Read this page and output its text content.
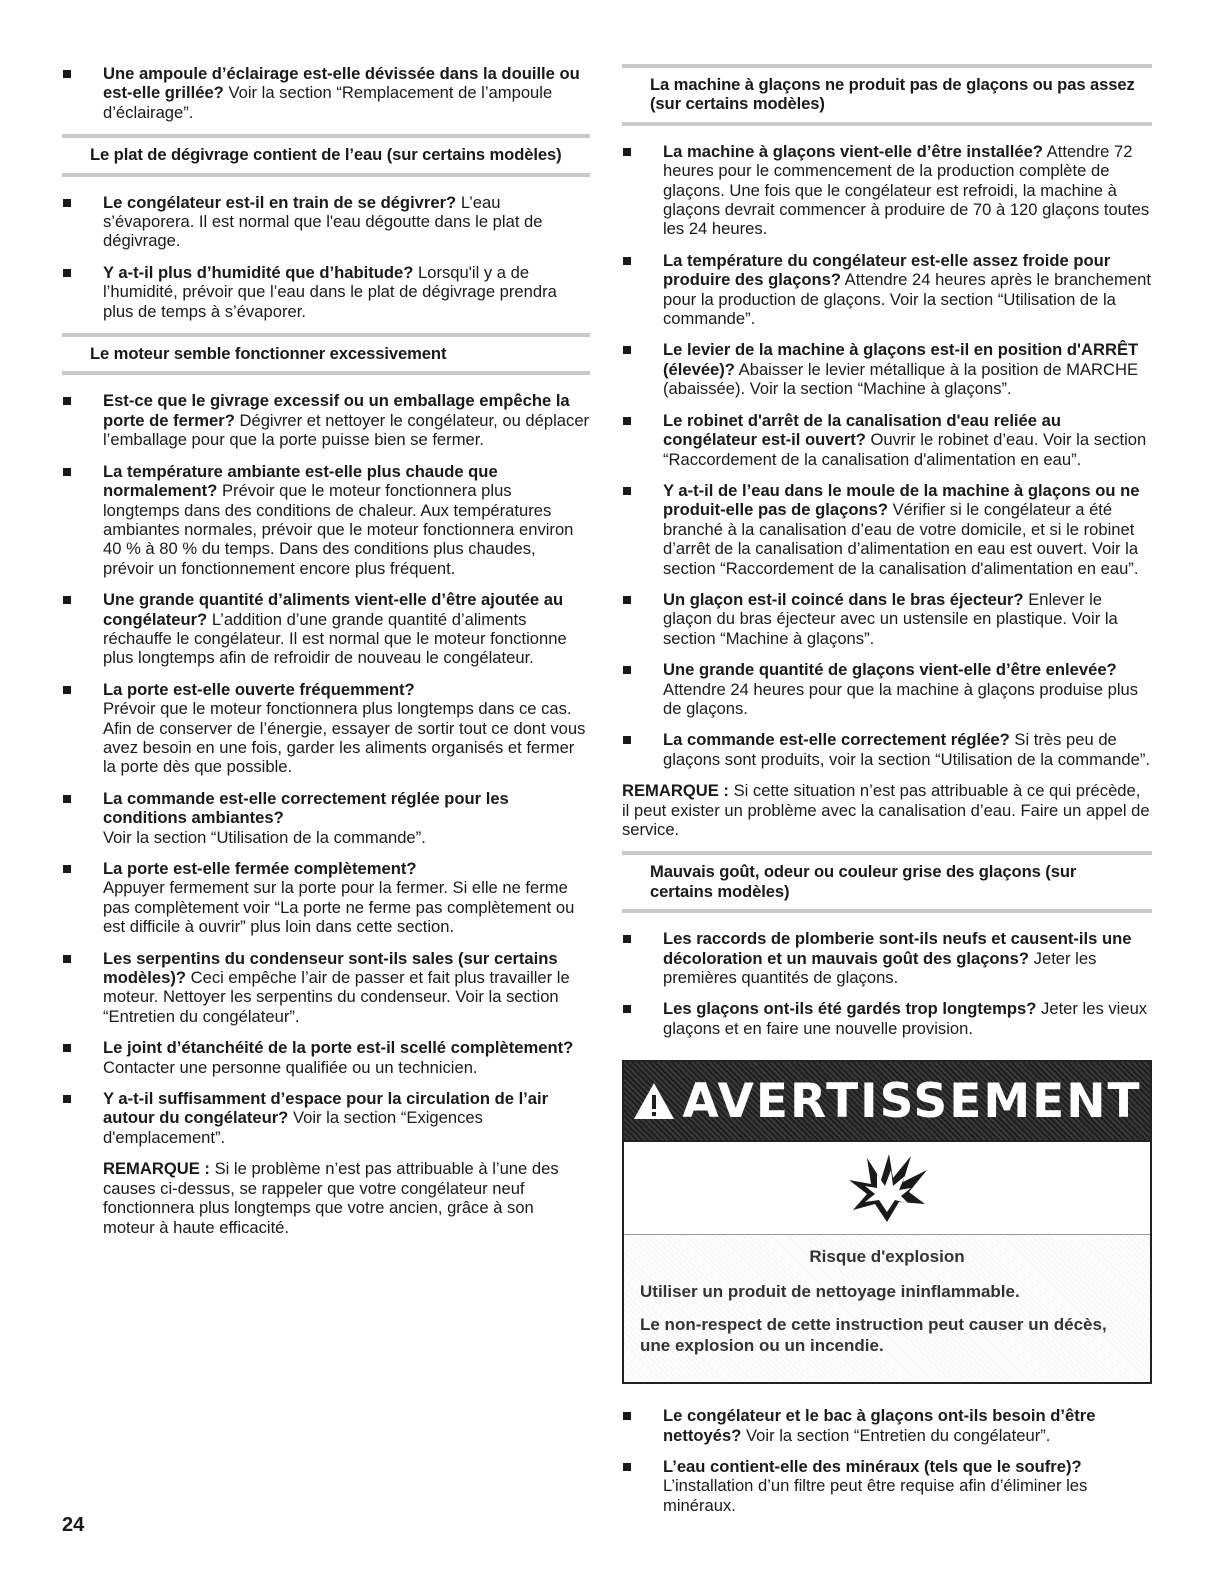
Une ampoule d’éclairage est-elle dévissée dans la douille ou est-elle grillée? Voir la section “Remplacement de l’ampoule d’éclairage”.
Le plat de dégivrage contient de l’eau (sur certains modèles)
Le congélateur est-il en train de se dégivrer? L’eau s’évaporera. Il est normal que l'eau dégoutte dans le plat de dégivrage.
Y a-t-il plus d’humidité que d’habitude? Lorsqu'il y a de l’humidité, prévoir que l’eau dans le plat de dégivrage prendra plus de temps à s’évaporer.
Le moteur semble fonctionner excessivement
Est-ce que le givrage excessif ou un emballage empêche la porte de fermer? Dégivrer et nettoyer le congélateur, ou déplacer l’emballage pour que la porte puisse bien se fermer.
La température ambiante est-elle plus chaude que normalement? Prévoir que le moteur fonctionnera plus longtemps dans des conditions de chaleur. Aux températures ambiantes normales, prévoir que le moteur fonctionnera environ 40 % à 80 % du temps. Dans des conditions plus chaudes, prévoir un fonctionnement encore plus fréquent.
Une grande quantité d’aliments vient-elle d’être ajoutée au congélateur? L’addition d’une grande quantité d’aliments réchauffe le congélateur. Il est normal que le moteur fonctionne plus longtemps afin de refroidir de nouveau le congélateur.
La porte est-elle ouverte fréquemment?
Prévoir que le moteur fonctionnera plus longtemps dans ce cas. Afin de conserver de l’énergie, essayer de sortir tout ce dont vous avez besoin en une fois, garder les aliments organisés et fermer la porte dès que possible.
La commande est-elle correctement réglée pour les conditions ambiantes?
Voir la section “Utilisation de la commande”.
La porte est-elle fermée complètement?
Appuyer fermement sur la porte pour la fermer. Si elle ne ferme pas complètement voir “La porte ne ferme pas complètement ou est difficile à ouvrir” plus loin dans cette section.
Les serpentins du condenseur sont-ils sales (sur certains modèles)? Ceci empêche l’air de passer et fait plus travailler le moteur. Nettoyer les serpentins du condenseur. Voir la section “Entretien du congélateur”.
Le joint d’étanchéité de la porte est-il scellé complètement? Contacter une personne qualifiée ou un technicien.
Y a-t-il suffisamment d’espace pour la circulation de l’air autour du congélateur? Voir la section “Exigences d'emplacement”.

REMARQUE : Si le problème n’est pas attribuable à l’une des causes ci-dessus, se rappeler que votre congélateur neuf fonctionnera plus longtemps que votre ancien, grâce à son moteur à haute efficacité.

La machine à glaçons ne produit pas de glaçons ou pas assez (sur certains modèles)
La machine à glaçons vient-elle d’être installée? Attendre 72 heures pour le commencement de la production complète de glaçons. Une fois que le congélateur est refroidi, la machine à glaçons devrait commencer à produire de 70 à 120 glaçons toutes les 24 heures.
La température du congélateur est-elle assez froide pour produire des glaçons? Attendre 24 heures après le branchement pour la production de glaçons. Voir la section “Utilisation de la commande”.
Le levier de la machine à glaçons est-il en position d'ARRÊT (élevée)? Abaisser le levier métallique à la position de MARCHE (abaissée). Voir la section “Machine à glaçons”.
Le robinet d'arrêt de la canalisation d'eau reliée au congélateur est-il ouvert? Ouvrir le robinet d’eau. Voir la section “Raccordement de la canalisation d'alimentation en eau”.
Y a-t-il de l’eau dans le moule de la machine à glaçons ou ne produit-elle pas de glaçons? Vérifier si le congélateur a été branché à la canalisation d’eau de votre domicile, et si le robinet d’arrêt de la canalisation d’alimentation en eau est ouvert. Voir la section “Raccordement de la canalisation d'alimentation en eau”.
Un glaçon est-il coincé dans le bras éjecteur? Enlever le glaçon du bras éjecteur avec un ustensile en plastique. Voir la section “Machine à glaçons”.
Une grande quantité de glaçons vient-elle d’être enlevée? Attendre 24 heures pour que la machine à glaçons produise plus de glaçons.
La commande est-elle correctement réglée? Si très peu de glaçons sont produits, voir la section “Utilisation de la commande”.

REMARQUE : Si cette situation n’est pas attribuable à ce qui précède, il peut exister un problème avec la canalisation d’eau. Faire un appel de service.

Mauvais goût, odeur ou couleur grise des glaçons (sur certains modèles)
Les raccords de plomberie sont-ils neufs et causent-ils une décoloration et un mauvais goût des glaçons? Jeter les premières quantités de glaçons.
Les glaçons ont-ils été gardés trop longtemps? Jeter les vieux glaçons et en faire une nouvelle provision.
AVERTISSEMENT
Risque d'explosion
Utiliser un produit de nettoyage ininflammable.
Le non-respect de cette instruction peut causer un décès, une explosion ou un incendie.
Le congélateur et le bac à glaçons ont-ils besoin d’être nettoyés? Voir la section “Entretien du congélateur”.
L’eau contient-elle des minéraux (tels que le soufre)?
L’installation d’un filtre peut être requise afin d’éliminer les minéraux.
24
